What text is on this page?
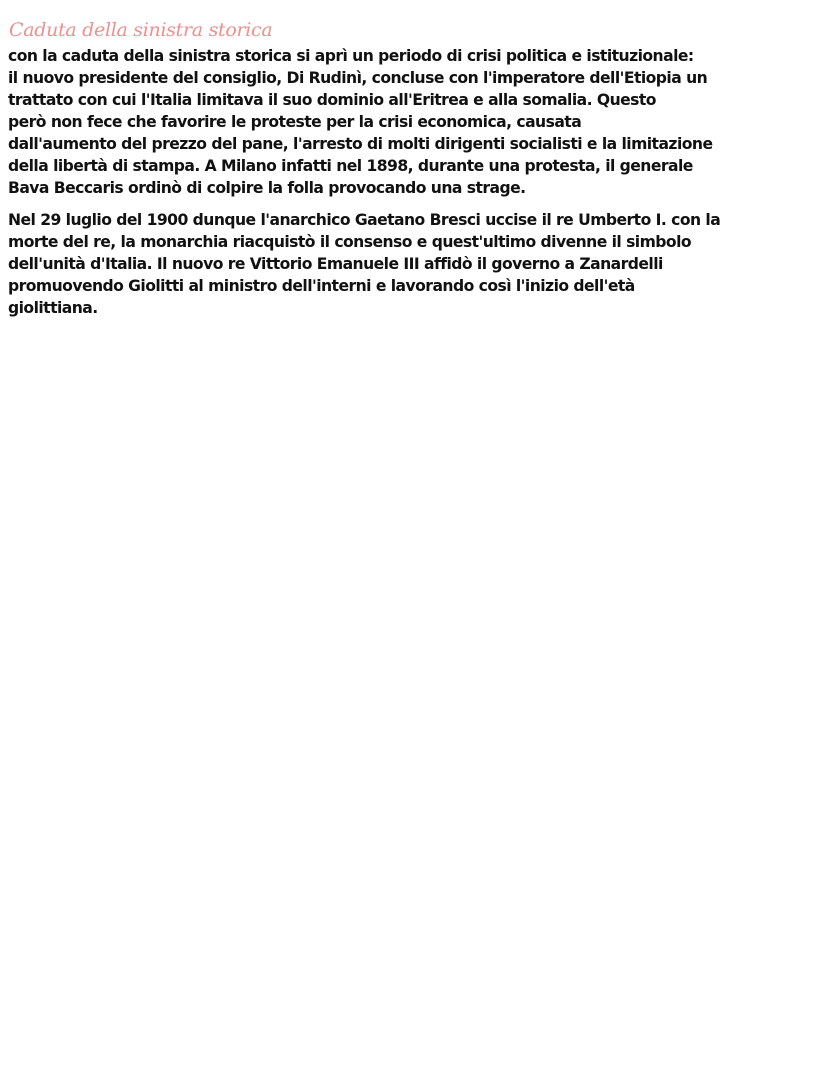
Caduta della sinistra storica
con la caduta della sinistra storica si aprì un periodo di crisi politica e istituzionale:
il nuovo presidente del consiglio, Di Rudinì, concluse con l'imperatore dell'Etiopia un
trattato con cui l'Italia limitava il suo dominio all'Eritrea e alla somalia. Questo
però non fece che favorire le proteste per la crisi economica, causata
dall'aumento del prezzo del pane, l'arresto di molti dirigenti socialisti e la limitazione
della libertà di stampa. A Milano infatti nel 1898, durante una protesta, il generale
Bava Beccaris ordinò di colpire la folla provocando una strage.
Nel 29 luglio del 1900 dunque l'anarchico Gaetano Bresci uccise il re Umberto I. con la
morte del re, la monarchia riacquistò il consenso e quest'ultimo divenne il simbolo
dell'unità d'Italia. Il nuovo re Vittorio Emanuele III affidò il governo a Zanardelli
promuovendo Giolitti al ministro dell'interni e lavorando così l'inizio dell'età
giolittiana.
